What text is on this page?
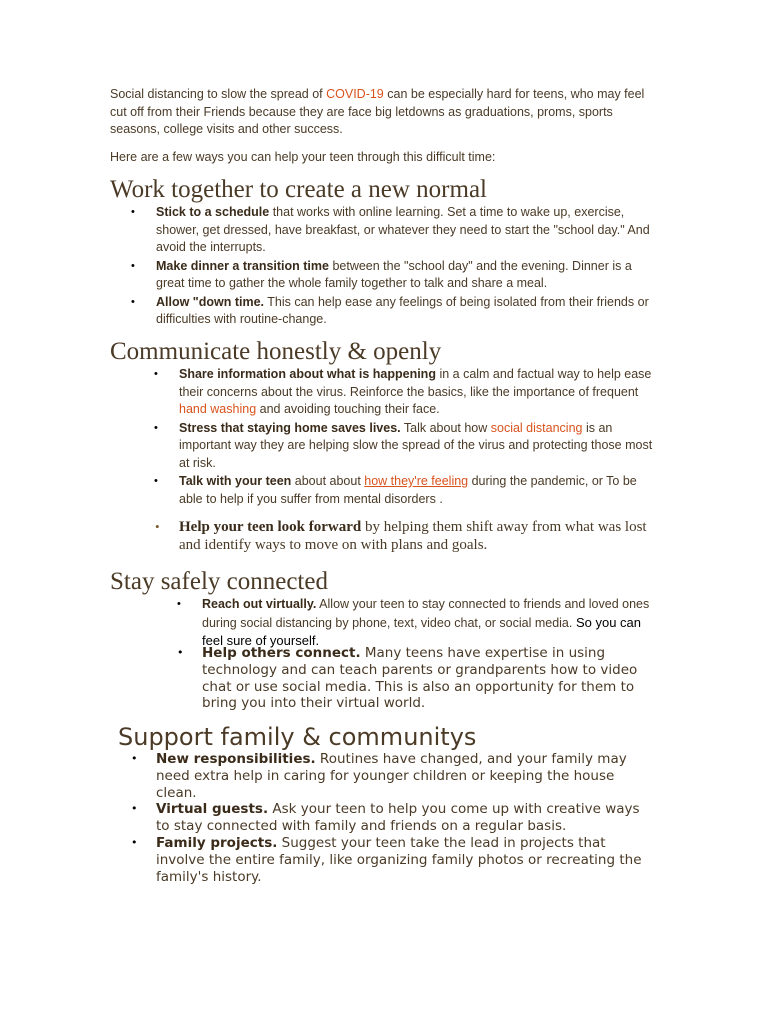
Social distancing to slow the spread of COVID-19 can be especially hard for teens, who may feel cut off from their Friends because they are face big letdowns as graduations, proms, sports seasons, college visits and other success.

Here are a few ways you can help your teen through this difficult time:

Work together to create a new normal
• Stick to a schedule that works with online learning. Set a time to wake up, exercise, shower, get dressed, have breakfast, or whatever they need to start the "school day." And avoid the interrupts.
• Make dinner a transition time between the "school day" and the evening. Dinner is a great time to gather the whole family together to talk and share a meal.
• Allow "down time. This can help ease any feelings of being isolated from their friends or difficulties with routine-change.
Communicate honestly & openly
• Share information about what is happening in a calm and factual way to help ease their concerns about the virus. Reinforce the basics, like the importance of frequent hand washing and avoiding touching their face.
• Stress that staying home saves lives. Talk about how social distancing is an important way they are helping slow the spread of the virus and protecting those most at risk.
• Talk with your teen about about how they're feeling during the pandemic, or To be able to help if you suffer from mental disorders .
• Help your teen look forward by helping them shift away from what was lost and identify ways to move on with plans and goals.
Stay safely connected
• Reach out virtually. Allow your teen to stay connected to friends and loved ones during social distancing by phone, text, video chat, or social media. So you can feel sure of yourself.
• Help others connect. Many teens have expertise in using technology and can teach parents or grandparents how to video chat or use social media. This is also an opportunity for them to bring you into their virtual world.
Support family & communitys
• New responsibilities. Routines have changed, and your family may need extra help in caring for younger children or keeping the house clean.
• Virtual guests. Ask your teen to help you come up with creative ways to stay connected with family and friends on a regular basis.
• Family projects. Suggest your teen take the lead in projects that involve the entire family, like organizing family photos or recreating the family's history.
